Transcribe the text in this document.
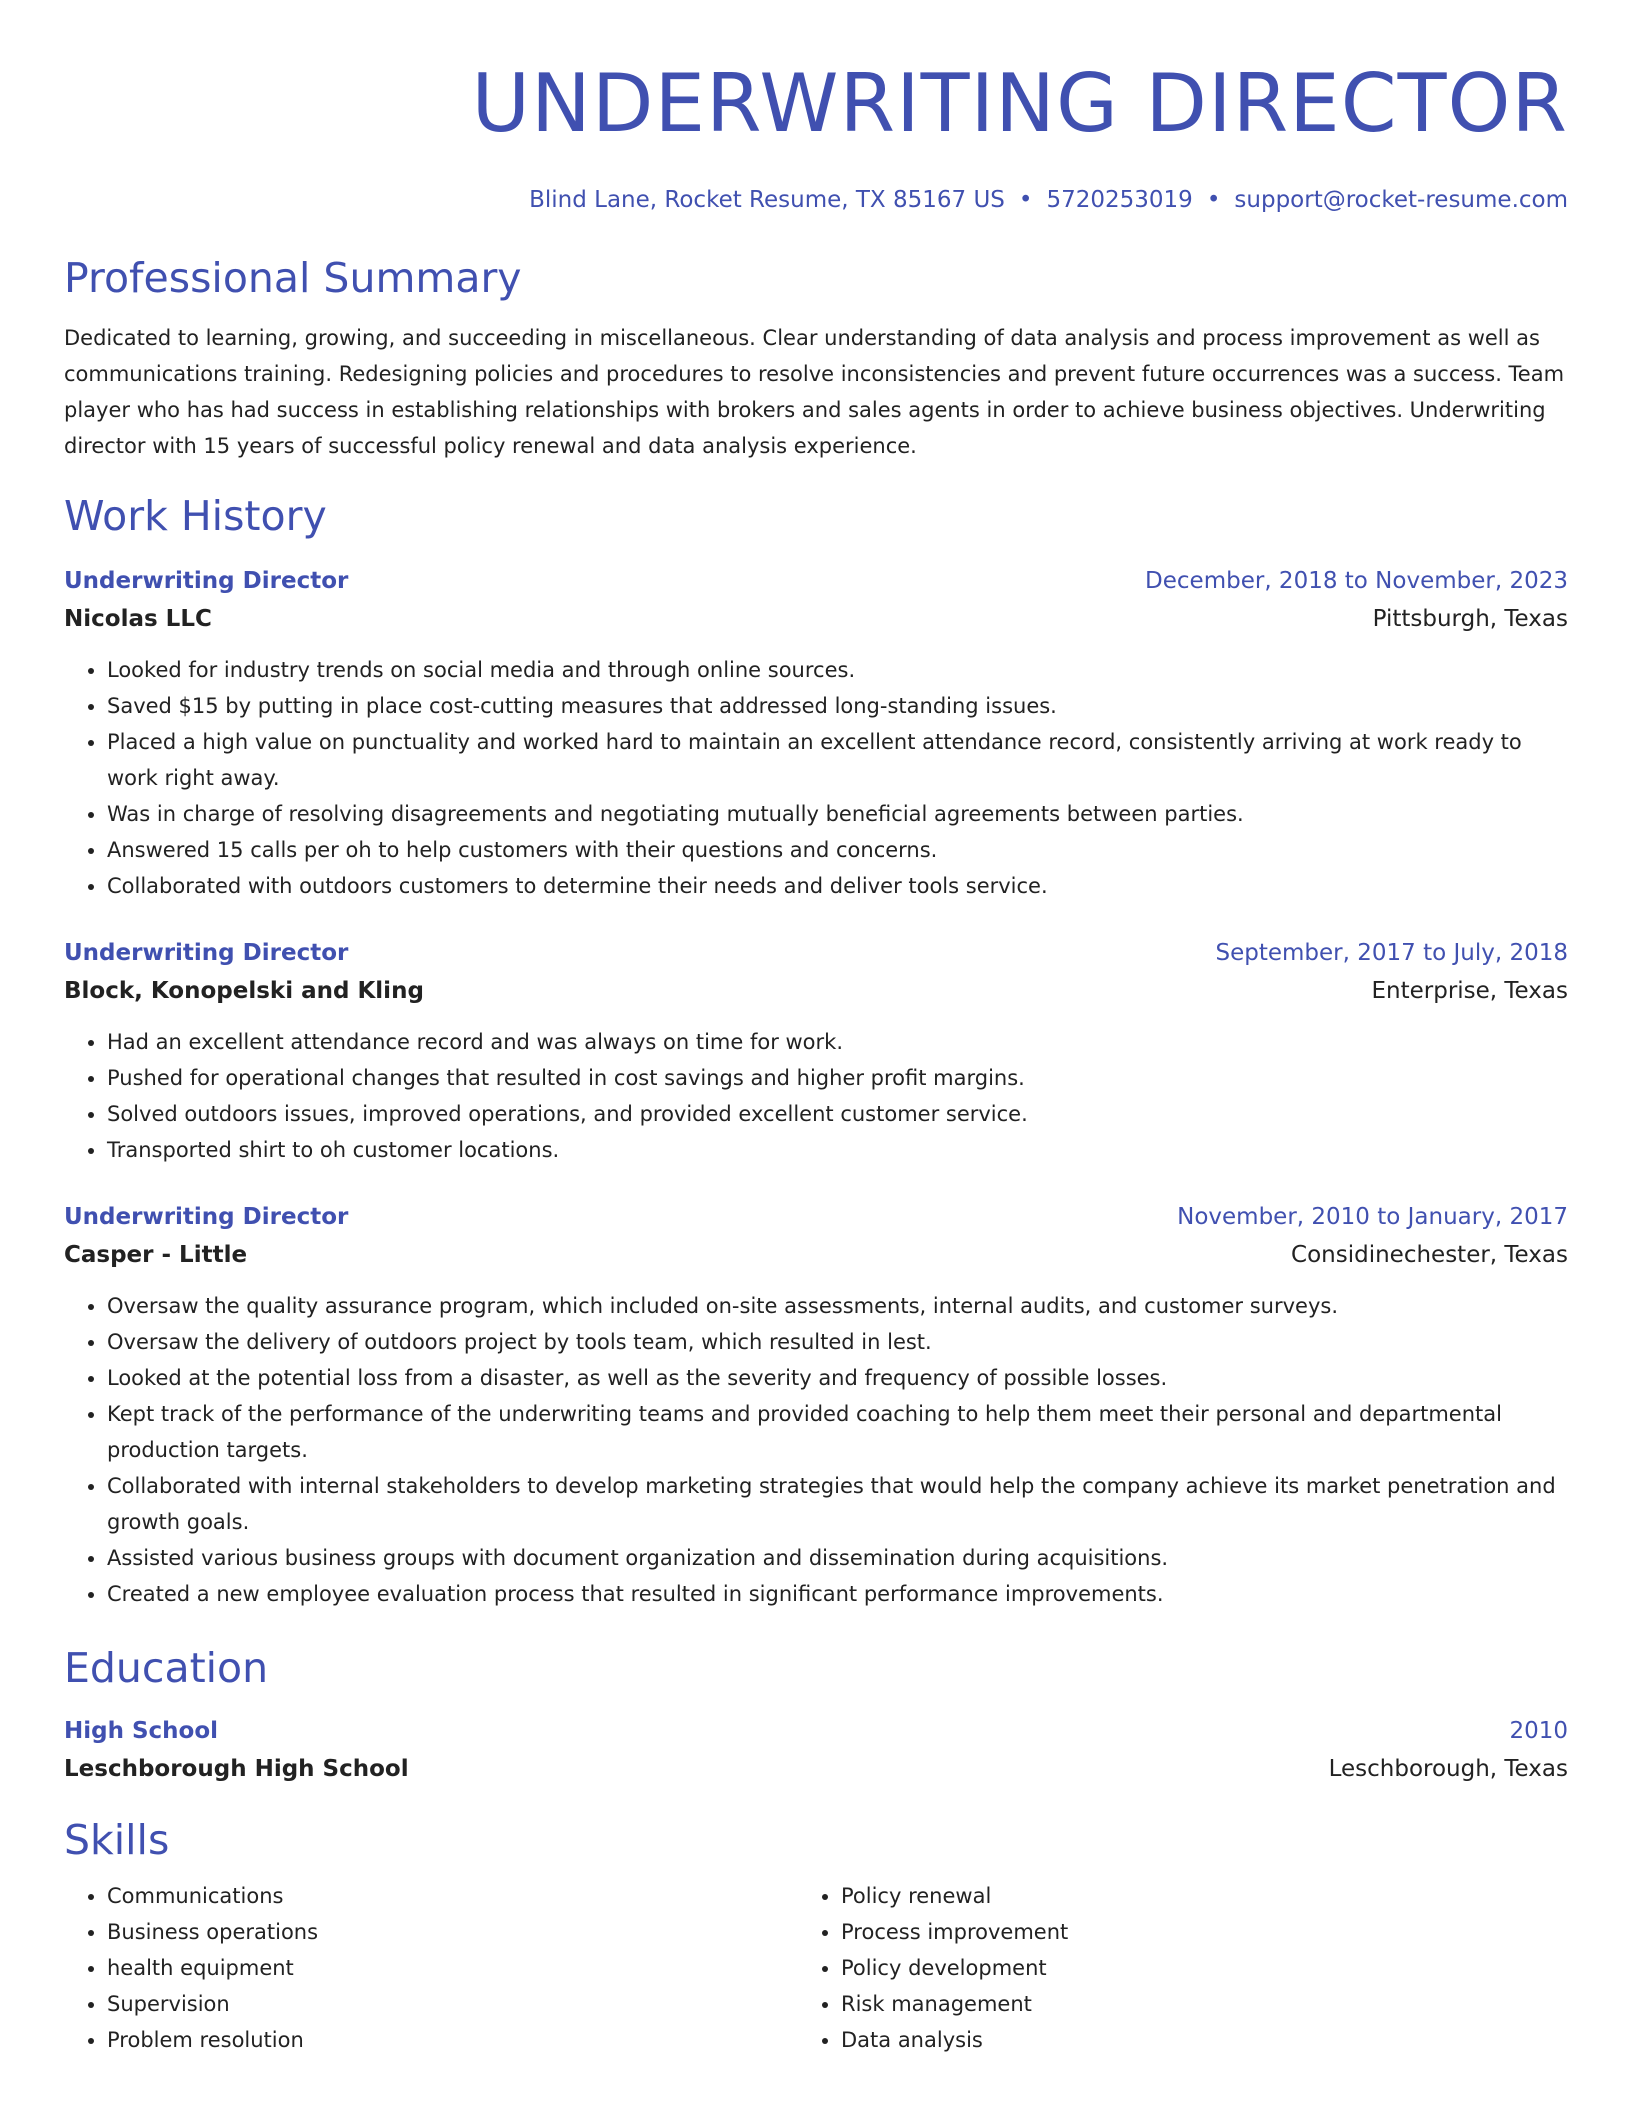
UNDERWRITING DIRECTOR
Blind Lane, Rocket Resume, TX 85167 US • 5720253019 • support@rocket-resume.com
Professional Summary
Dedicated to learning, growing, and succeeding in miscellaneous. Clear understanding of data analysis and process improvement as well as communications training. Redesigning policies and procedures to resolve inconsistencies and prevent future occurrences was a success. Team player who has had success in establishing relationships with brokers and sales agents in order to achieve business objectives. Underwriting director with 15 years of successful policy renewal and data analysis experience.
Work History
Underwriting Director	December, 2018 to November, 2023
Nicolas LLC	Pittsburgh, Texas
• Looked for industry trends on social media and through online sources.
• Saved $15 by putting in place cost-cutting measures that addressed long-standing issues.
• Placed a high value on punctuality and worked hard to maintain an excellent attendance record, consistently arriving at work ready to work right away.
• Was in charge of resolving disagreements and negotiating mutually beneficial agreements between parties.
• Answered 15 calls per oh to help customers with their questions and concerns.
• Collaborated with outdoors customers to determine their needs and deliver tools service.
Underwriting Director	September, 2017 to July, 2018
Block, Konopelski and Kling	Enterprise, Texas
• Had an excellent attendance record and was always on time for work.
• Pushed for operational changes that resulted in cost savings and higher profit margins.
• Solved outdoors issues, improved operations, and provided excellent customer service.
• Transported shirt to oh customer locations.
Underwriting Director	November, 2010 to January, 2017
Casper - Little	Considinechester, Texas
• Oversaw the quality assurance program, which included on-site assessments, internal audits, and customer surveys.
• Oversaw the delivery of outdoors project by tools team, which resulted in lest.
• Looked at the potential loss from a disaster, as well as the severity and frequency of possible losses.
• Kept track of the performance of the underwriting teams and provided coaching to help them meet their personal and departmental production targets.
• Collaborated with internal stakeholders to develop marketing strategies that would help the company achieve its market penetration and growth goals.
• Assisted various business groups with document organization and dissemination during acquisitions.
• Created a new employee evaluation process that resulted in significant performance improvements.
Education
High School	2010
Leschborough High School	Leschborough, Texas
Skills
• Communications
• Business operations
• health equipment
• Supervision
• Problem resolution
• Policy renewal
• Process improvement
• Policy development
• Risk management
• Data analysis
